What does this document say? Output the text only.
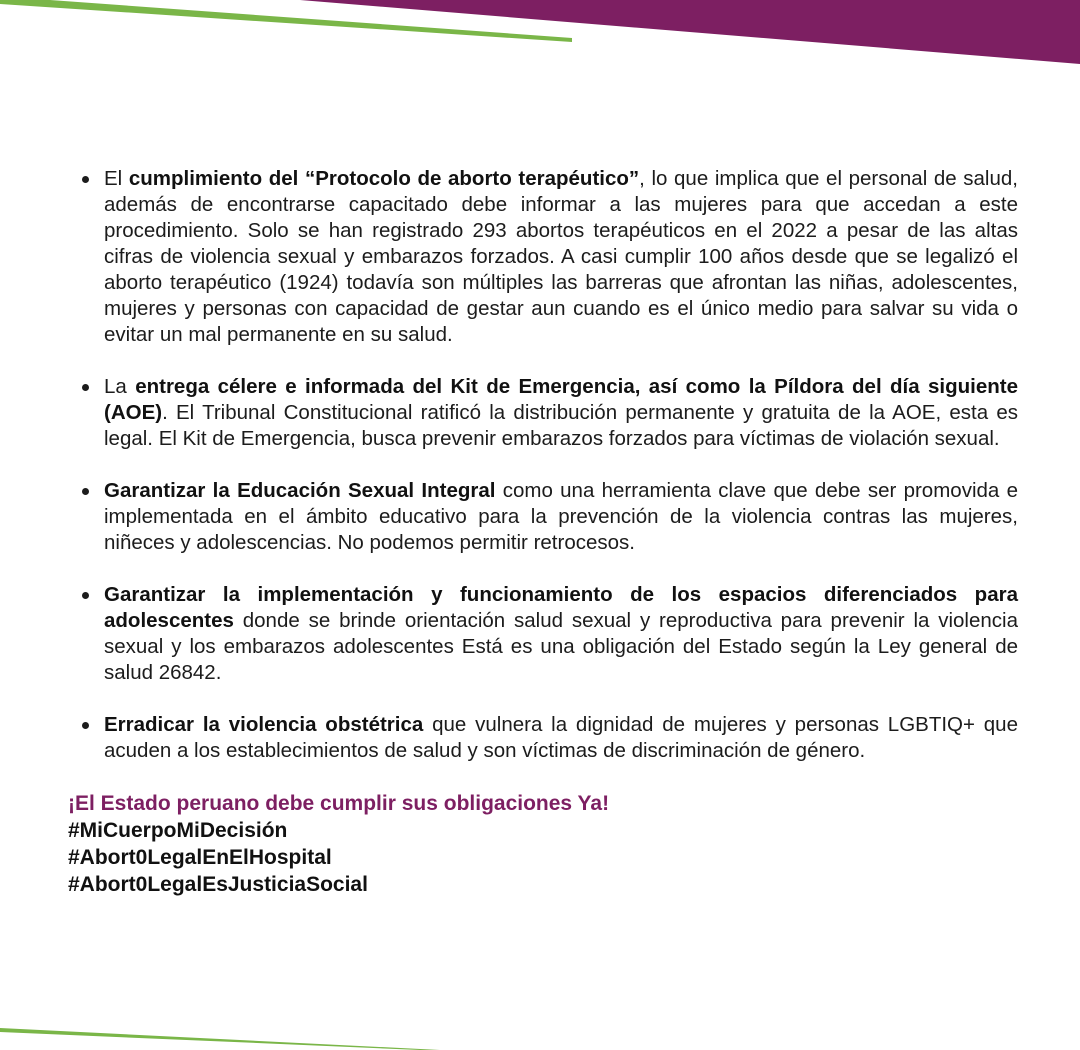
El cumplimiento del “Protocolo de aborto terapéutico”, lo que implica que el personal de salud, además de encontrarse capacitado debe informar a las mujeres para que accedan a este procedimiento. Solo se han registrado 293 abortos terapéuticos en el 2022 a pesar de las altas cifras de violencia sexual y embarazos forzados. A casi cumplir 100 años desde que se legalizó el aborto terapéutico (1924) todavía son múltiples las barreras que afrontan las niñas, adolescentes, mujeres y personas con capacidad de gestar aun cuando es el único medio para salvar su vida o evitar un mal permanente en su salud.
La entrega célere e informada del Kit de Emergencia, así como la Píldora del día siguiente (AOE). El Tribunal Constitucional ratificó la distribución permanente y gratuita de la AOE, esta es legal. El Kit de Emergencia, busca prevenir embarazos forzados para víctimas de violación sexual.
Garantizar la Educación Sexual Integral como una herramienta clave que debe ser promovida e implementada en el ámbito educativo para la prevención de la violencia contras las mujeres, niñeces y adolescencias. No podemos permitir retrocesos.
Garantizar la implementación y funcionamiento de los espacios diferenciados para adolescentes donde se brinde orientación salud sexual y reproductiva para prevenir la violencia sexual y los embarazos adolescentes Está es una obligación del Estado según la Ley general de salud 26842.
Erradicar la violencia obstétrica que vulnera la dignidad de mujeres y personas LGBTIQ+ que acuden a los establecimientos de salud y son víctimas de discriminación de género.
¡El Estado peruano debe cumplir sus obligaciones Ya!
#MiCuerpoMiDecisión
#Abort0LegalEnElHospital
#Abort0LegalEsJusticiaSocial
